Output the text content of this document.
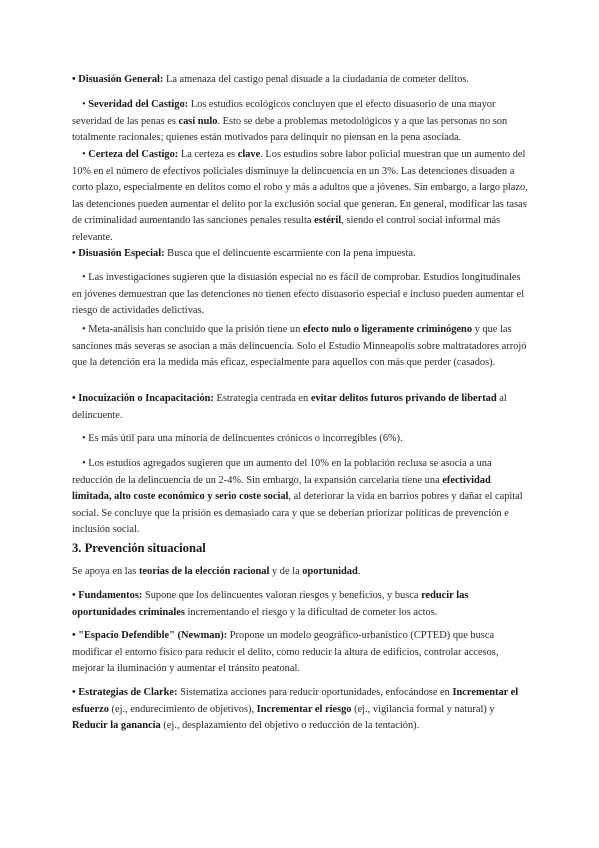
• Disuasión General: La amenaza del castigo penal disuade a la ciudadanía de cometer delitos.

• Severidad del Castigo: Los estudios ecológicos concluyen que el efecto disuasorio de una mayor severidad de las penas es casi nulo. Esto se debe a problemas metodológicos y a que las personas no son totalmente racionales; quienes están motivados para delinquir no piensan en la pena asociada.

• Certeza del Castigo: La certeza es clave. Los estudios sobre labor policial muestran que un aumento del 10% en el número de efectivos policiales disminuye la delincuencia en un 3%. Las detenciones disuaden a corto plazo, especialmente en delitos como el robo y más a adultos que a jóvenes. Sin embargo, a largo plazo, las detenciones pueden aumentar el delito por la exclusión social que generan. En general, modificar las tasas de criminalidad aumentando las sanciones penales resulta estéril, siendo el control social informal más relevante.

• Disuasión Especial: Busca que el delincuente escarmiente con la pena impuesta.

• Las investigaciones sugieren que la disuasión especial no es fácil de comprobar. Estudios longitudinales en jóvenes demuestran que las detenciones no tienen efecto disuasorio especial e incluso pueden aumentar el riesgo de actividades delictivas.

• Meta-análisis han concluido que la prisión tiene un efecto nulo o ligeramente criminógeno y que las sanciones más severas se asocian a más delincuencia. Solo el Estudio Minneapolis sobre maltratadores arrojó que la detención era la medida más eficaz, especialmente para aquellos con más que perder (casados).

• Inocuización o Incapacitación: Estrategia centrada en evitar delitos futuros privando de libertad al delincuente.

• Es más útil para una minoría de delincuentes crónicos o incorregibles (6%).

• Los estudios agregados sugieren que un aumento del 10% en la población reclusa se asocia a una reducción de la delincuencia de un 2-4%. Sin embargo, la expansión carcelaria tiene una efectividad limitada, alto coste económico y serio coste social, al deteriorar la vida en barrios pobres y dañar el capital social. Se concluye que la prisión es demasiado cara y que se deberían priorizar políticas de prevención e inclusión social.

3. Prevención situacional

Se apoya en las teorías de la elección racional y de la oportunidad.

• Fundamentos: Supone que los delincuentes valoran riesgos y beneficios, y busca reducir las oportunidades criminales incrementando el riesgo y la dificultad de cometer los actos.

• "Espacio Defendible" (Newman): Propone un modelo geográfico-urbanístico (CPTED) que busca modificar el entorno físico para reducir el delito, como reducir la altura de edificios, controlar accesos, mejorar la iluminación y aumentar el tránsito peatonal.

• Estrategias de Clarke: Sistematiza acciones para reducir oportunidades, enfocándose en Incrementar el esfuerzo (ej., endurecimiento de objetivos), Incrementar el riesgo (ej., vigilancia formal y natural) y Reducir la ganancia (ej., desplazamiento del objetivo o reducción de la tentación).
